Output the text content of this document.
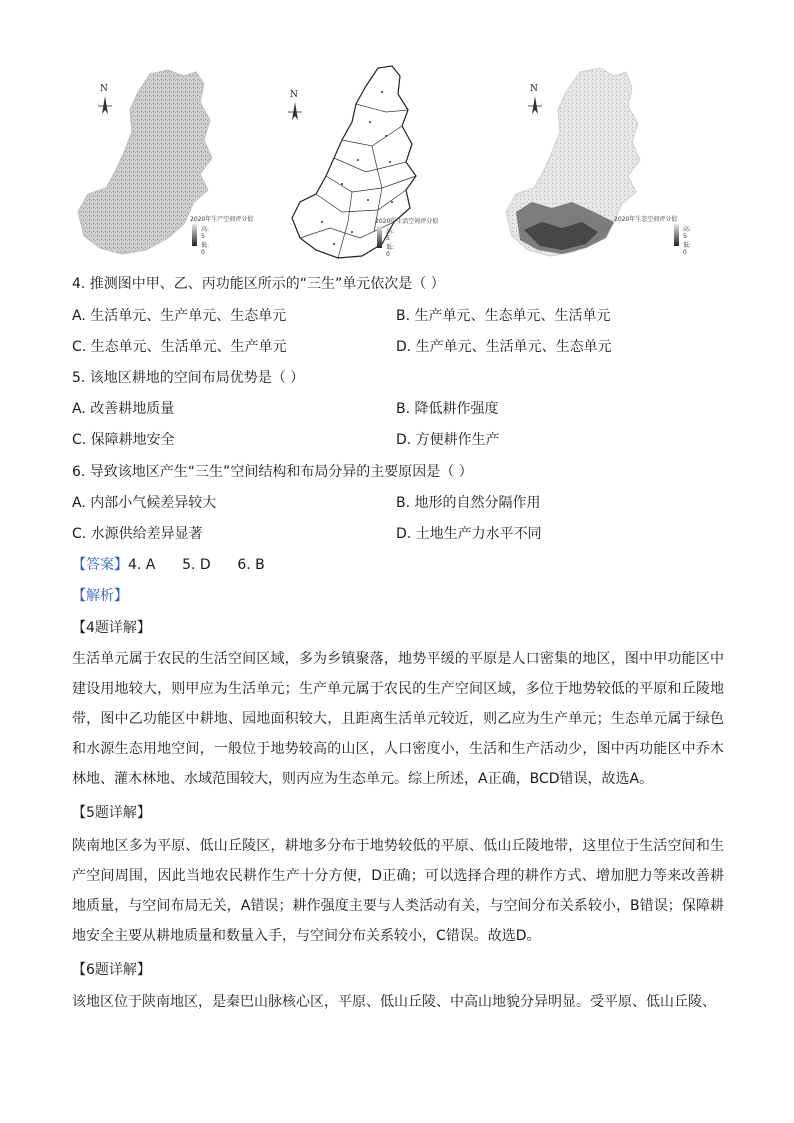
N
2020年生产空间评分值
高: 5
低: 0
N
2020年生活空间评分值
高: 5
低: 0
N
2020年生态空间评分值
高: 5
低: 0
4. 推测图中甲、乙、丙功能区所示的“三生”单元依次是（ ）
A. 生活单元、生产单元、生态单元	B. 生产单元、生态单元、生活单元
C. 生态单元、生活单元、生产单元	D. 生产单元、生活单元、生态单元
5. 该地区耕地的空间布局优势是（ ）
A. 改善耕地质量	B. 降低耕作强度
C. 保障耕地安全	D. 方便耕作生产
6. 导致该地区产生“三生”空间结构和布局分异的主要原因是（ ）
A. 内部小气候差异较大	B. 地形的自然分隔作用
C. 水源供给差异显著	D. 土地生产力水平不同
【答案】4. A      5. D      6. B
【解析】
【4题详解】

生活单元属于农民的生活空间区域，多为乡镇聚落，地势平缓的平原是人口密集的地区，图中甲功能区中建设用地较大，则甲应为生活单元；生产单元属于农民的生产空间区域，多位于地势较低的平原和丘陵地带，图中乙功能区中耕地、园地面积较大，且距离生活单元较近，则乙应为生产单元；生态单元属于绿色和水源生态用地空间，一般位于地势较高的山区，人口密度小，生活和生产活动少，图中丙功能区中乔木林地、灌木林地、水域范围较大，则丙应为生态单元。综上所述，A正确，BCD错误，故选A。

【5题详解】

陕南地区多为平原、低山丘陵区，耕地多分布于地势较低的平原、低山丘陵地带，这里位于生活空间和生产空间周围，因此当地农民耕作生产十分方便，D正确；可以选择合理的耕作方式、增加肥力等来改善耕地质量，与空间布局无关，A错误；耕作强度主要与人类活动有关，与空间分布关系较小，B错误；保障耕地安全主要从耕地质量和数量入手，与空间分布关系较小，C错误。故选D。

【6题详解】

该地区位于陕南地区，是秦巴山脉核心区，平原、低山丘陵、中高山地貌分异明显。受平原、低山丘陵、
